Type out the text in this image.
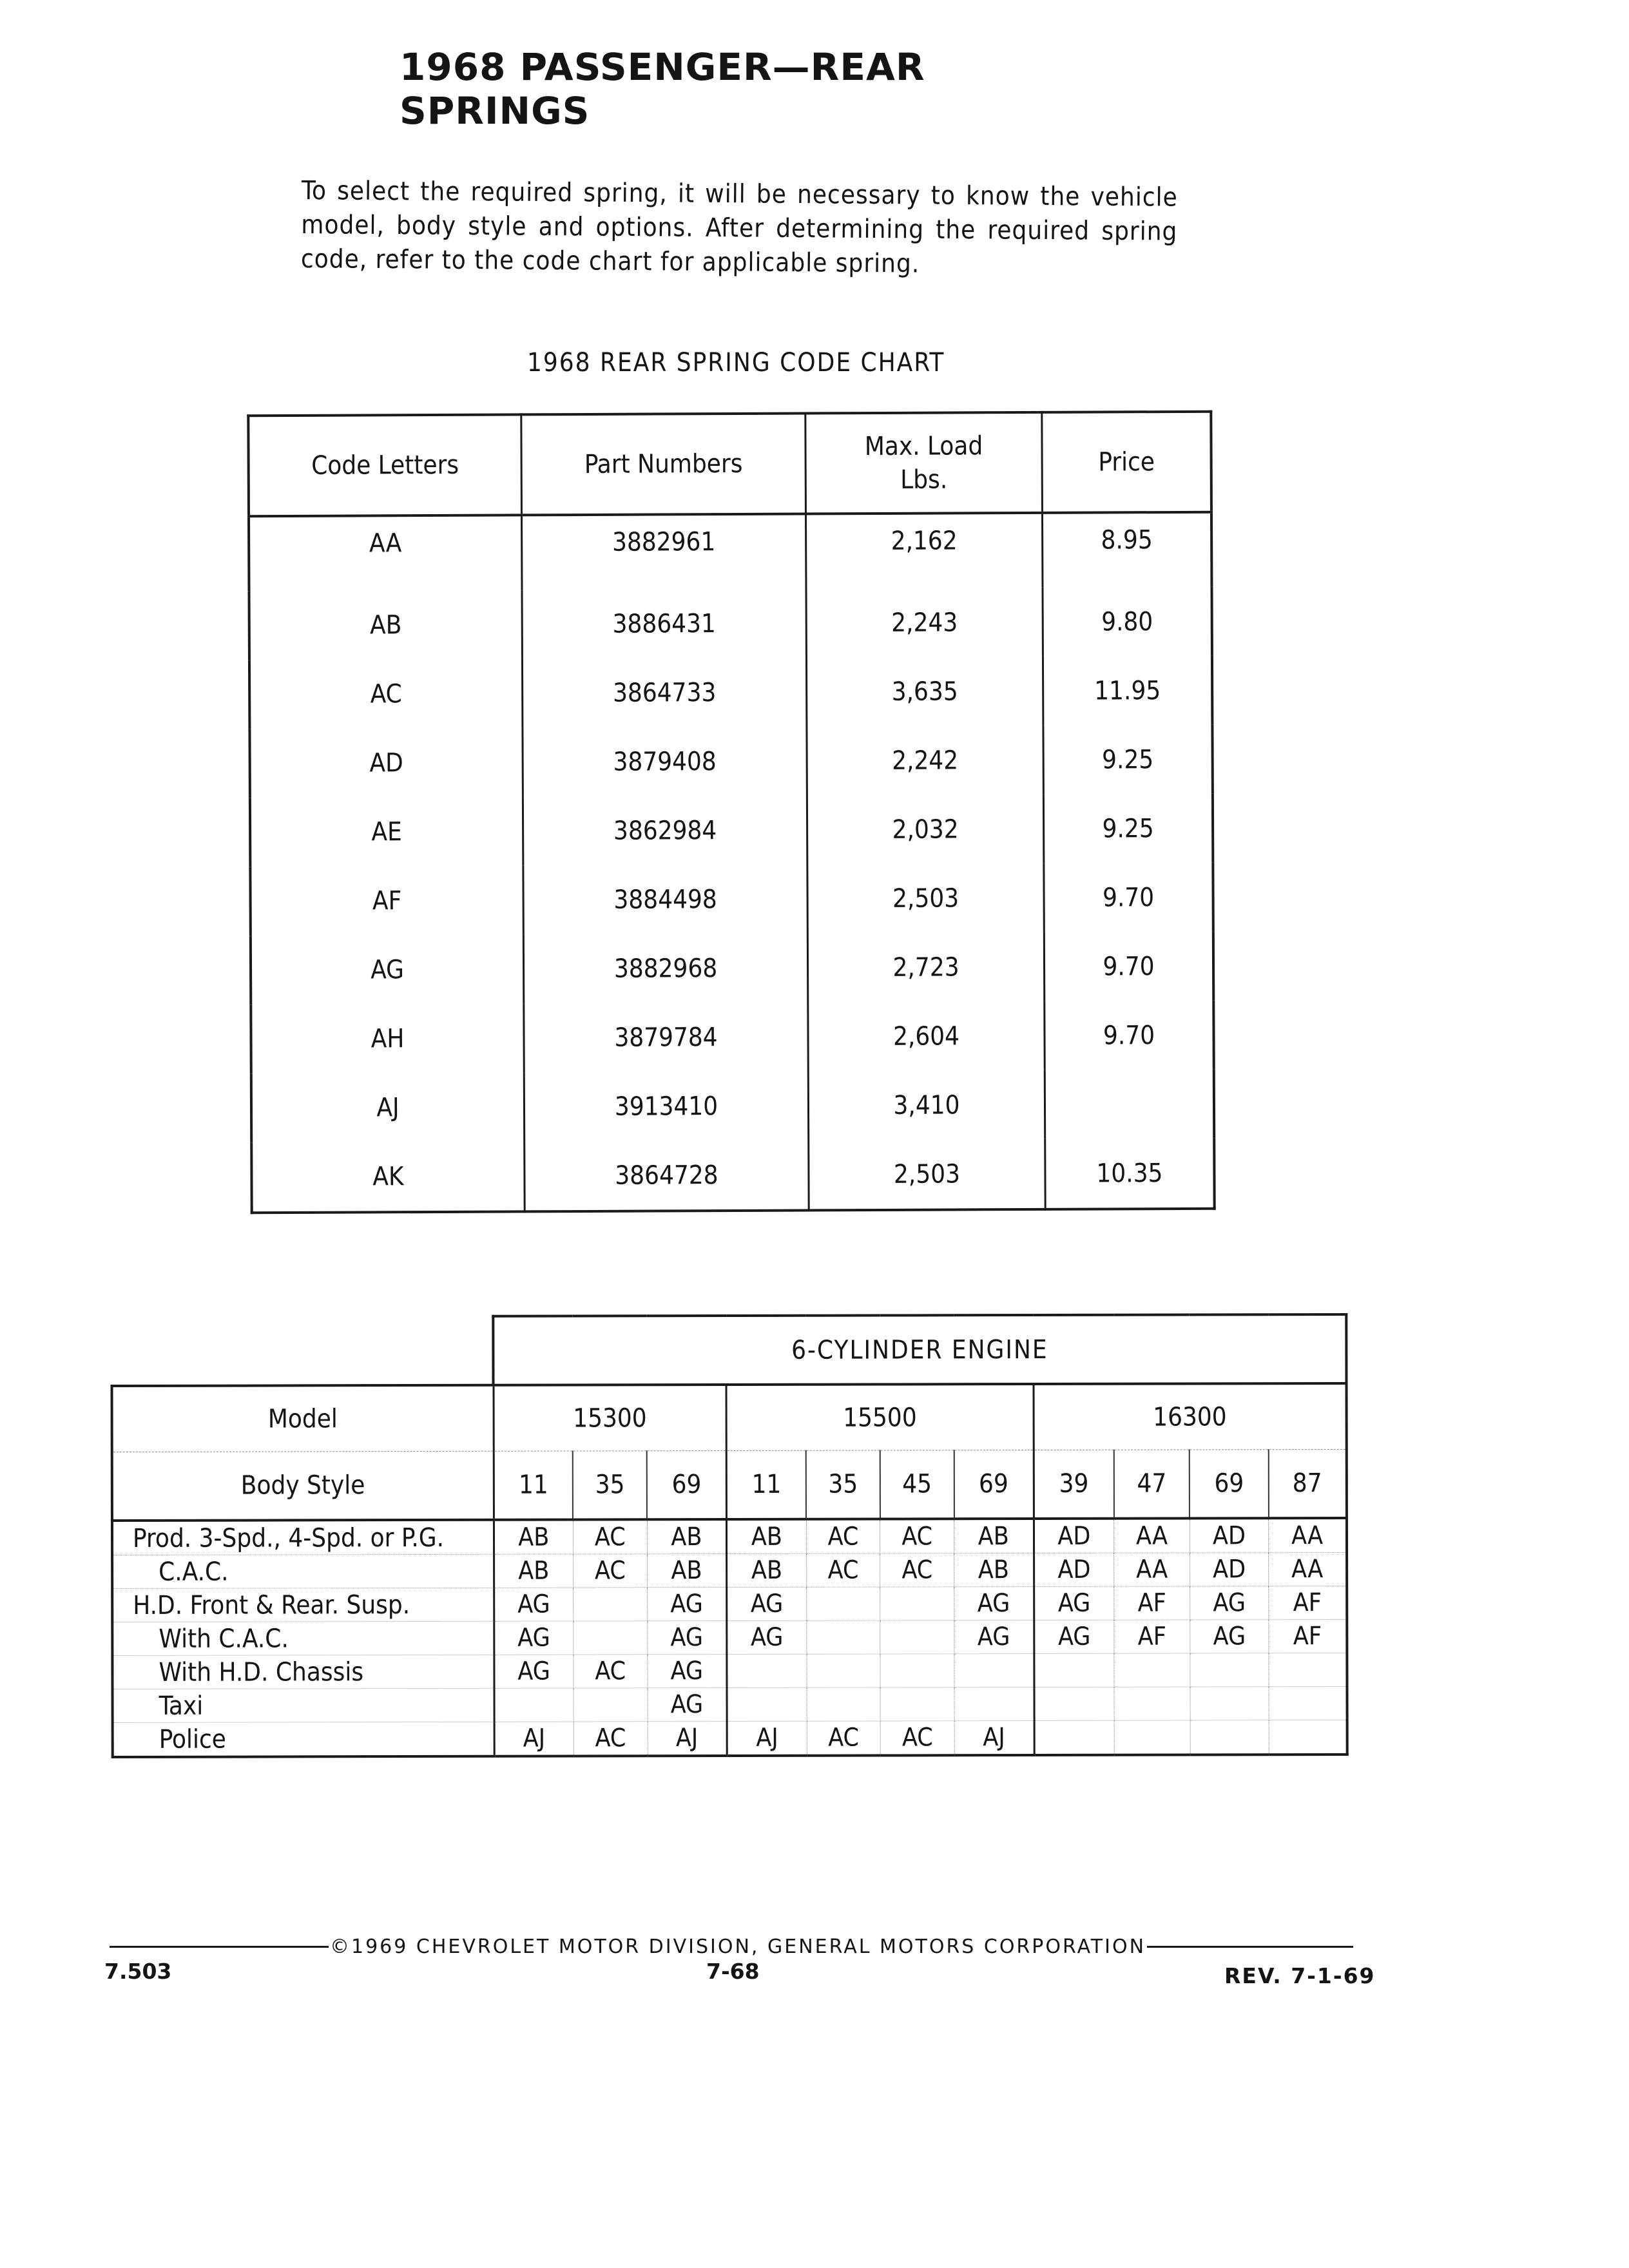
1968 PASSENGER—REAR SPRINGS
To select the required spring, it will be necessary to know the vehicle model, body style and options. After determining the required spring code, refer to the code chart for applicable spring.
1968 REAR SPRING CODE CHART
Code Letters	Part Numbers	Max. Load Lbs.	Price
AA	3882961	2,162	8.95
AB	3886431	2,243	9.80
AC	3864733	3,635	11.95
AD	3879408	2,242	9.25
AE	3862984	2,032	9.25
AF	3884498	2,503	9.70
AG	3882968	2,723	9.70
AH	3879784	2,604	9.70
AJ	3913410	3,410	
AK	3864728	2,503	10.35
	6-CYLINDER ENGINE										
Model	15300			15500				16300			
Body Style	11	35	69	11	35	45	69	39	47	69	87
Prod. 3-Spd., 4-Spd. or P.G.	AB	AC	AB	AB	AC	AC	AB	AD	AA	AD	AA
C.A.C.	AB	AC	AB	AB	AC	AC	AB	AD	AA	AD	AA
H.D. Front & Rear. Susp.	AG		AG	AG			AG	AG	AF	AG	AF
With C.A.C.	AG		AG	AG			AG	AG	AF	AG	AF
With H.D. Chassis	AG	AC	AG								
Taxi			AG								
Police	AJ	AC	AJ	AJ	AC	AC	AJ				
©1969 CHEVROLET MOTOR DIVISION, GENERAL MOTORS CORPORATION
7.503	7-68	REV. 7-1-69
